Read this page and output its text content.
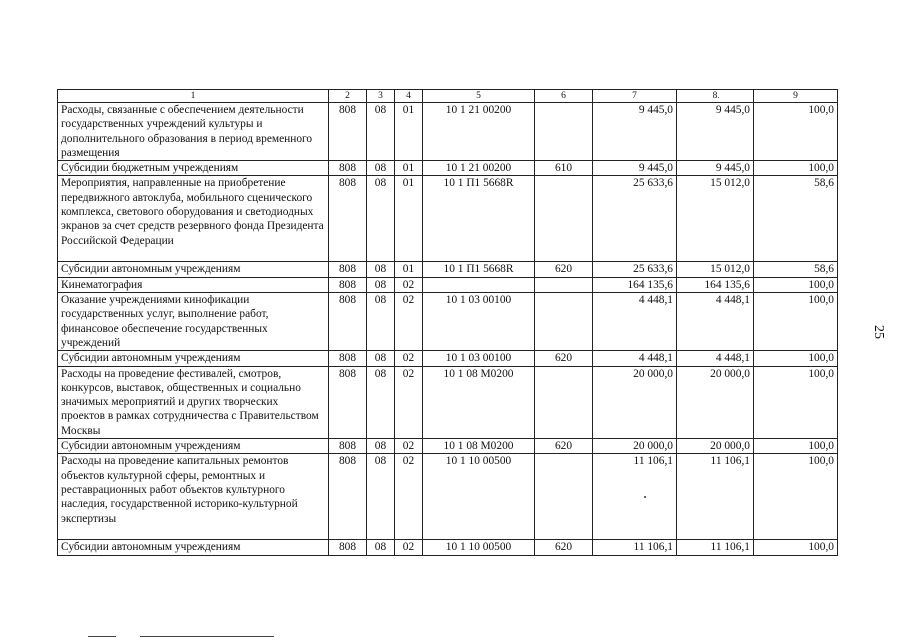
1	2	3	4	5	6	7	8	9
Расходы, связанные с обеспечением деятельности государственных учреждений культуры и дополнительного образования в период временного размещения	808	08	01	10 1 21 00200		9 445,0	9 445,0	100,0
Субсидии бюджетным учреждениям	808	08	01	10 1 21 00200	610	9 445,0	9 445,0	100,0
Мероприятия, направленные на приобретение передвижного автоклуба, мобильного сценического комплекса, светового оборудования и светодиодных экранов за счет средств резервного фонда Президента Российской Федерации	808	08	01	10 1 П1 5668R		25 633,6	15 012,0	58,6
Субсидии автономным учреждениям	808	08	01	10 1 П1 5668R	620	25 633,6	15 012,0	58,6
Кинематография	808	08	02			164 135,6	164 135,6	100,0
Оказание учреждениями кинофикации государственных услуг, выполнение работ, финансовое обеспечение государственных учреждений	808	08	02	10 1 03 00100		4 448,1	4 448,1	100,0
Субсидии автономным учреждениям	808	08	02	10 1 03 00100	620	4 448,1	4 448,1	100,0
Расходы на проведение фестивалей, смотров, конкурсов, выставок, общественных и социально значимых мероприятий и других творческих проектов в рамках сотрудничества с Правительством Москвы	808	08	02	10 1 08 М0200		20 000,0	20 000,0	100,0
Субсидии автономным учреждениям	808	08	02	10 1 08 М0200	620	20 000,0	20 000,0	100,0
Расходы на проведение капитальных ремонтов объектов культурной сферы, ремонтных и реставрационных работ объектов культурного наследия, государственной историко-культурной экспертизы	808	08	02	10 1 10 00500		11 106,1	11 106,1	100,0
Субсидии автономным учреждениям	808	08	02	10 1 10 00500	620	11 106,1	11 106,1	100,0
25
